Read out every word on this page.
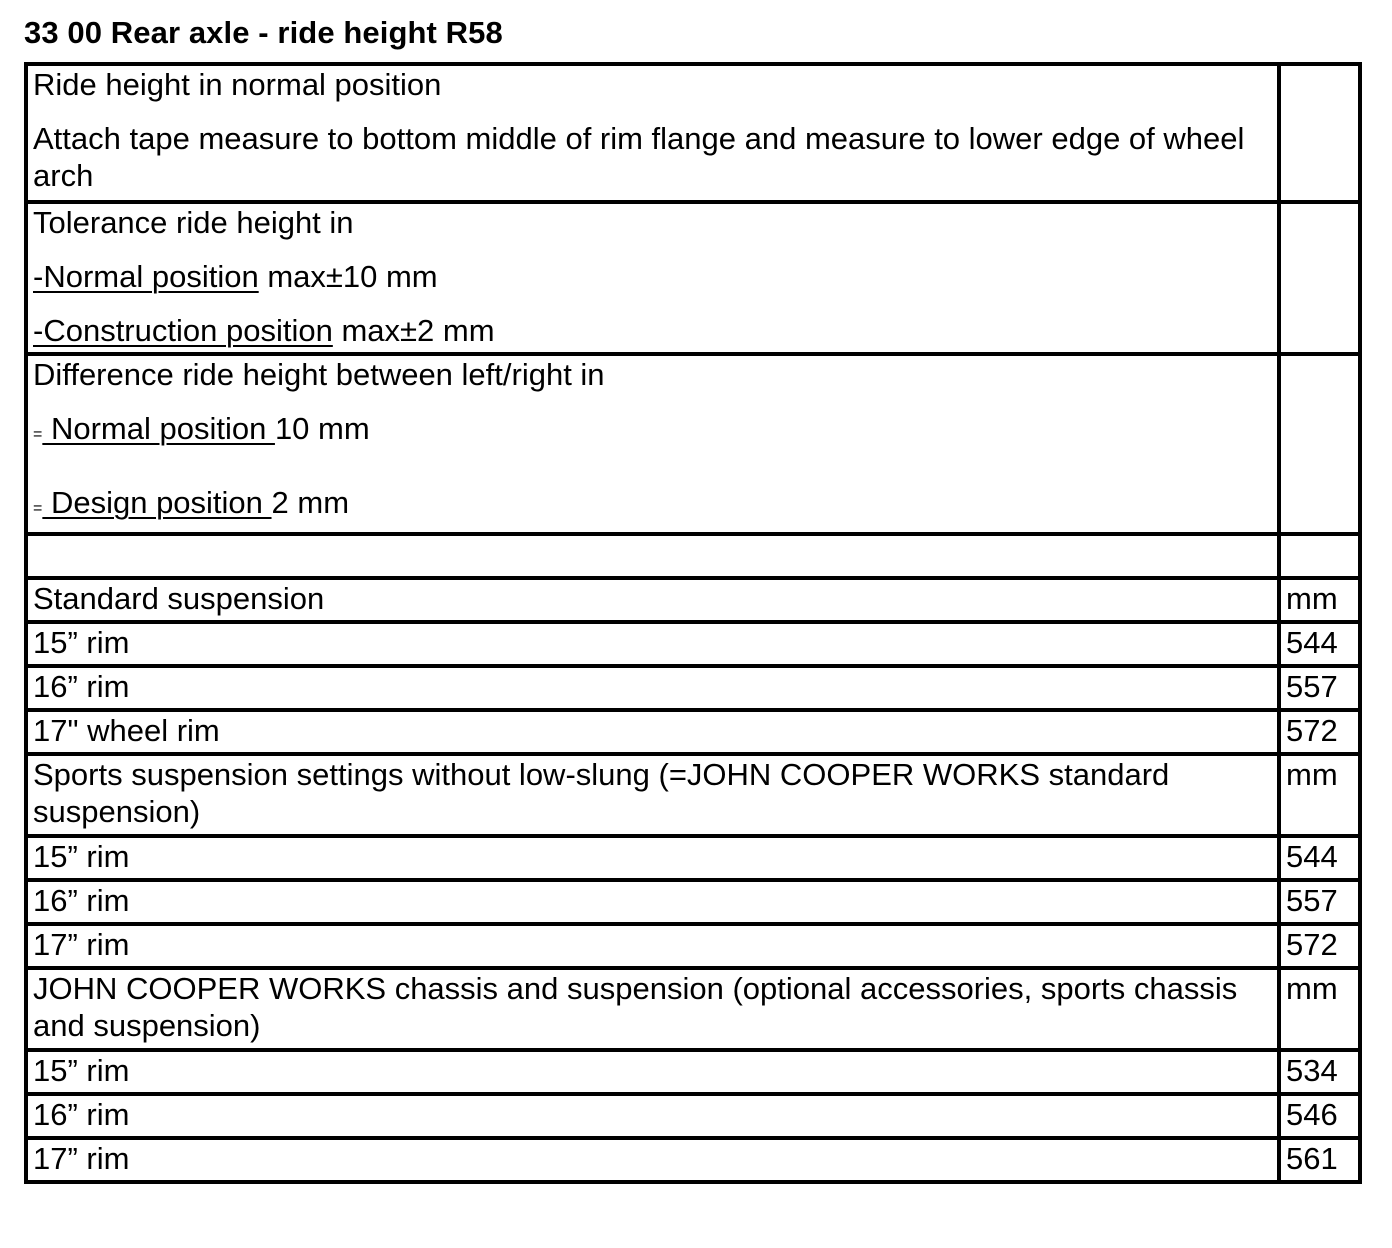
33 00 Rear axle - ride height R58

Ride height in normal position

Attach tape measure to bottom middle of rim flange and measure to lower edge of wheel arch	

Tolerance ride height in

-Normal position max±10 mm

-Construction position max±2 mm	

Difference ride height between left/right in

= Normal position 10 mm

= Design position 2 mm	

Standard suspension	mm
15” rim	544
16” rim	557
17" wheel rim	572
Sports suspension settings without low-slung (=JOHN COOPER WORKS standard suspension)	mm
15” rim	544
16” rim	557
17” rim	572
JOHN COOPER WORKS chassis and suspension (optional accessories, sports chassis and suspension)	mm
15” rim	534
16” rim	546
17” rim	561
